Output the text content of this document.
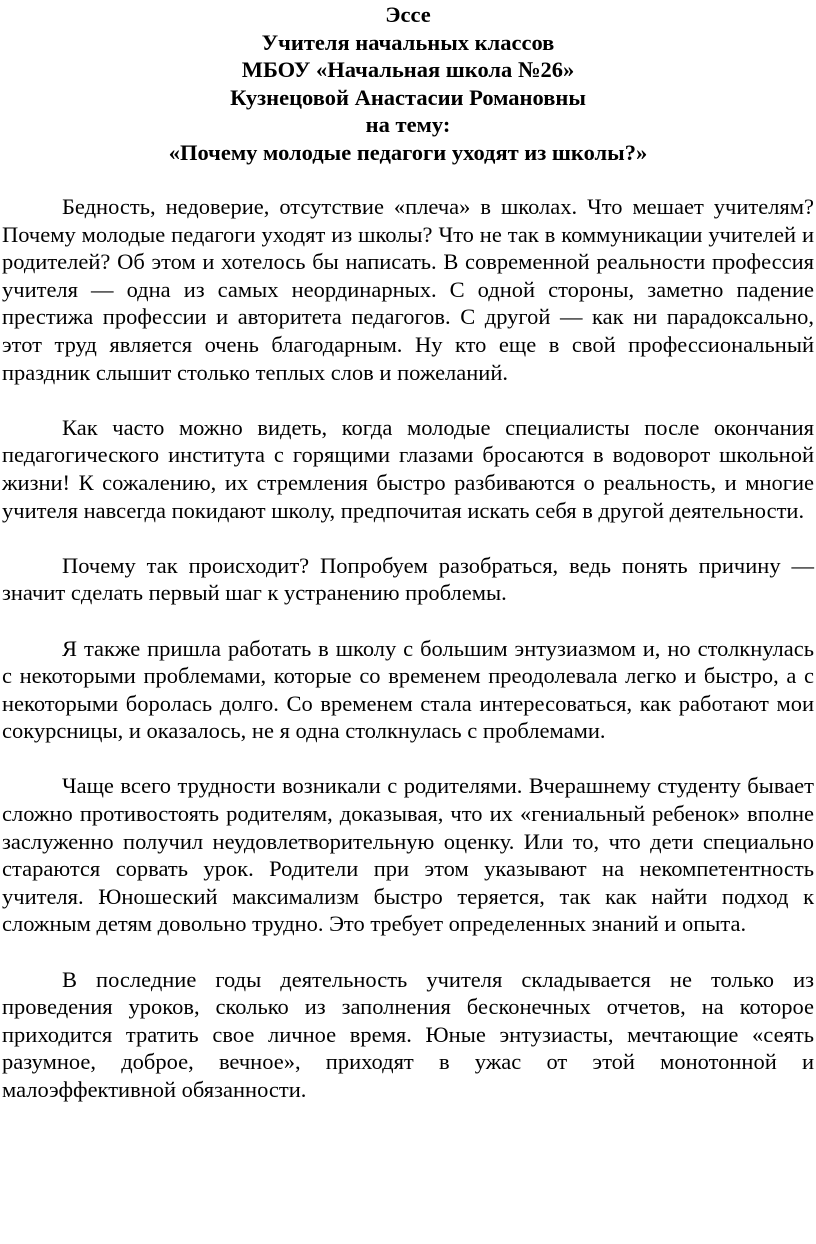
Эссе
Учителя начальных классов
МБОУ «Начальная школа №26»
Кузнецовой Анастасии Романовны
на тему:
«Почему молодые педагоги уходят из школы?»

Бедность, недоверие, отсутствие «плеча» в школах. Что мешает учителям? Почему молодые педагоги уходят из школы? Что не так в коммуникации учителей и родителей? Об этом и хотелось бы написать. В современной реальности профессия учителя — одна из самых неординарных. С одной стороны, заметно падение престижа профессии и авторитета педагогов. С другой — как ни парадоксально, этот труд является очень благодарным. Ну кто еще в свой профессиональный праздник слышит столько теплых слов и пожеланий.

Как часто можно видеть, когда молодые специалисты после окончания педагогического института с горящими глазами бросаются в водоворот школьной жизни! К сожалению, их стремления быстро разбиваются о реальность, и многие учителя навсегда покидают школу, предпочитая искать себя в другой деятельности.

Почему так происходит? Попробуем разобраться, ведь понять причину — значит сделать первый шаг к устранению проблемы.

Я также пришла работать в школу с большим энтузиазмом и, но столкнулась с некоторыми проблемами, которые со временем преодолевала легко и быстро, а с некоторыми боролась долго. Со временем стала интересоваться, как работают мои сокурсницы, и оказалось, не я одна столкнулась с проблемами.

Чаще всего трудности возникали с родителями. Вчерашнему студенту бывает сложно противостоять родителям, доказывая, что их «гениальный ребенок» вполне заслуженно получил неудовлетворительную оценку. Или то, что дети специально стараются сорвать урок. Родители при этом указывают на некомпетентность учителя. Юношеский максимализм быстро теряется, так как найти подход к сложным детям довольно трудно. Это требует определенных знаний и опыта.

В последние годы деятельность учителя складывается не только из проведения уроков, сколько из заполнения бесконечных отчетов, на которое приходится тратить свое личное время. Юные энтузиасты, мечтающие «сеять разумное, доброе, вечное», приходят в ужас от этой монотонной и малоэффективной обязанности.
